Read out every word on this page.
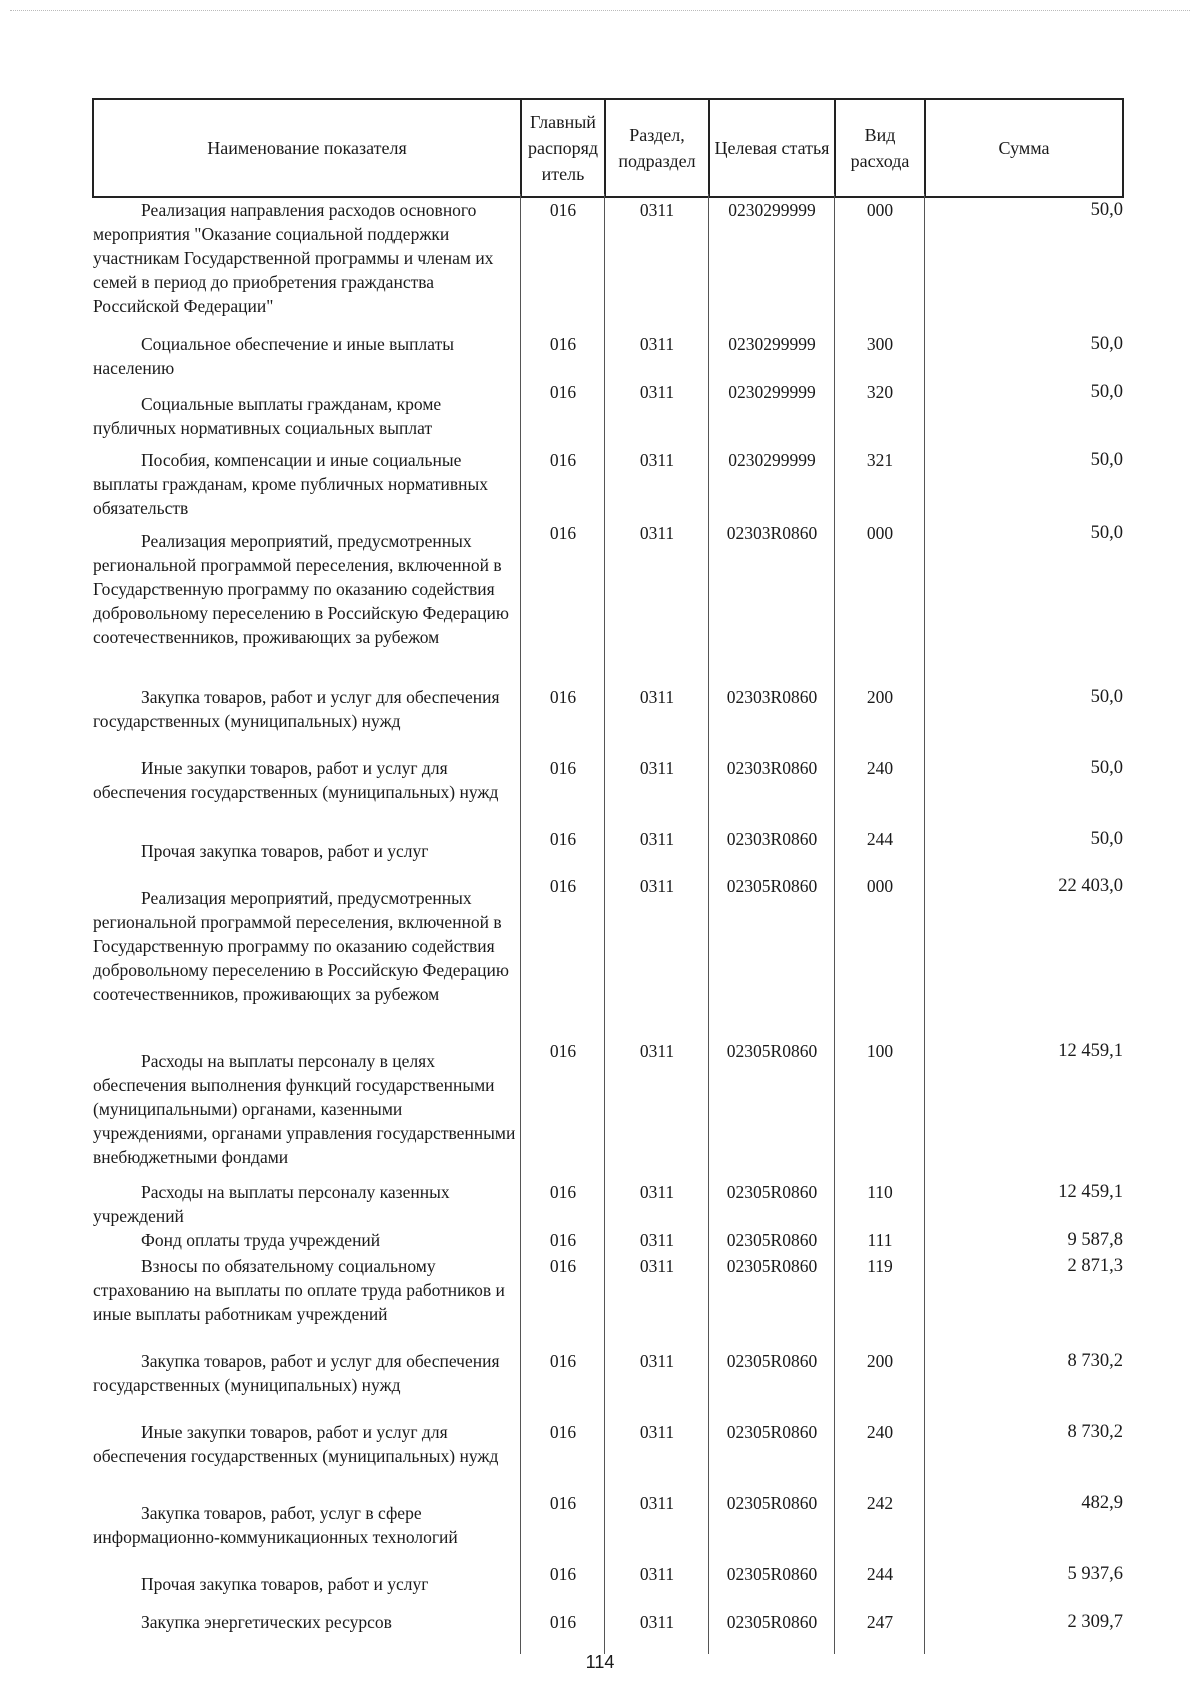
Наименование показателя	Главный распоряд итель	Раздел, подраздел	Целевая статья	Вид расхода	Сумма
Реализация направления расходов основного мероприятия "Оказание социальной поддержки участникам Государственной программы и членам их семей в период до приобретения гражданства Российской Федерации"	016	0311	0230299999	000	50,0
Социальное обеспечение и иные выплаты населению	016	0311	0230299999	300	50,0
Социальные выплаты гражданам, кроме публичных нормативных социальных выплат	016	0311	0230299999	320	50,0
Пособия, компенсации и иные социальные выплаты гражданам, кроме публичных нормативных обязательств	016	0311	0230299999	321	50,0
Реализация мероприятий, предусмотренных региональной программой переселения, включенной в Государственную программу по оказанию содействия добровольному переселению в Российскую Федерацию соотечественников, проживающих за рубежом	016	0311	02303R0860	000	50,0
Закупка товаров, работ и услуг для обеспечения государственных (муниципальных) нужд	016	0311	02303R0860	200	50,0
Иные закупки товаров, работ и услуг для обеспечения государственных (муниципальных) нужд	016	0311	02303R0860	240	50,0
Прочая закупка товаров, работ и услуг	016	0311	02303R0860	244	50,0
Реализация мероприятий, предусмотренных региональной программой переселения, включенной в Государственную программу по оказанию содействия добровольному переселению в Российскую Федерацию соотечественников, проживающих за рубежом	016	0311	02305R0860	000	22 403,0
Расходы на выплаты персоналу в целях обеспечения выполнения функций государственными (муниципальными) органами, казенными учреждениями, органами управления государственными внебюджетными фондами	016	0311	02305R0860	100	12 459,1
Расходы на выплаты персоналу казенных учреждений	016	0311	02305R0860	110	12 459,1
Фонд оплаты труда учреждений	016	0311	02305R0860	111	9 587,8
Взносы по обязательному социальному страхованию на выплаты по оплате труда работников и иные выплаты работникам учреждений	016	0311	02305R0860	119	2 871,3
Закупка товаров, работ и услуг для обеспечения государственных (муниципальных) нужд	016	0311	02305R0860	200	8 730,2
Иные закупки товаров, работ и услуг для обеспечения государственных (муниципальных) нужд	016	0311	02305R0860	240	8 730,2
Закупка товаров, работ, услуг в сфере информационно-коммуникационных технологий	016	0311	02305R0860	242	482,9
Прочая закупка товаров, работ и услуг	016	0311	02305R0860	244	5 937,6
Закупка энергетических ресурсов	016	0311	02305R0860	247	2 309,7
114
